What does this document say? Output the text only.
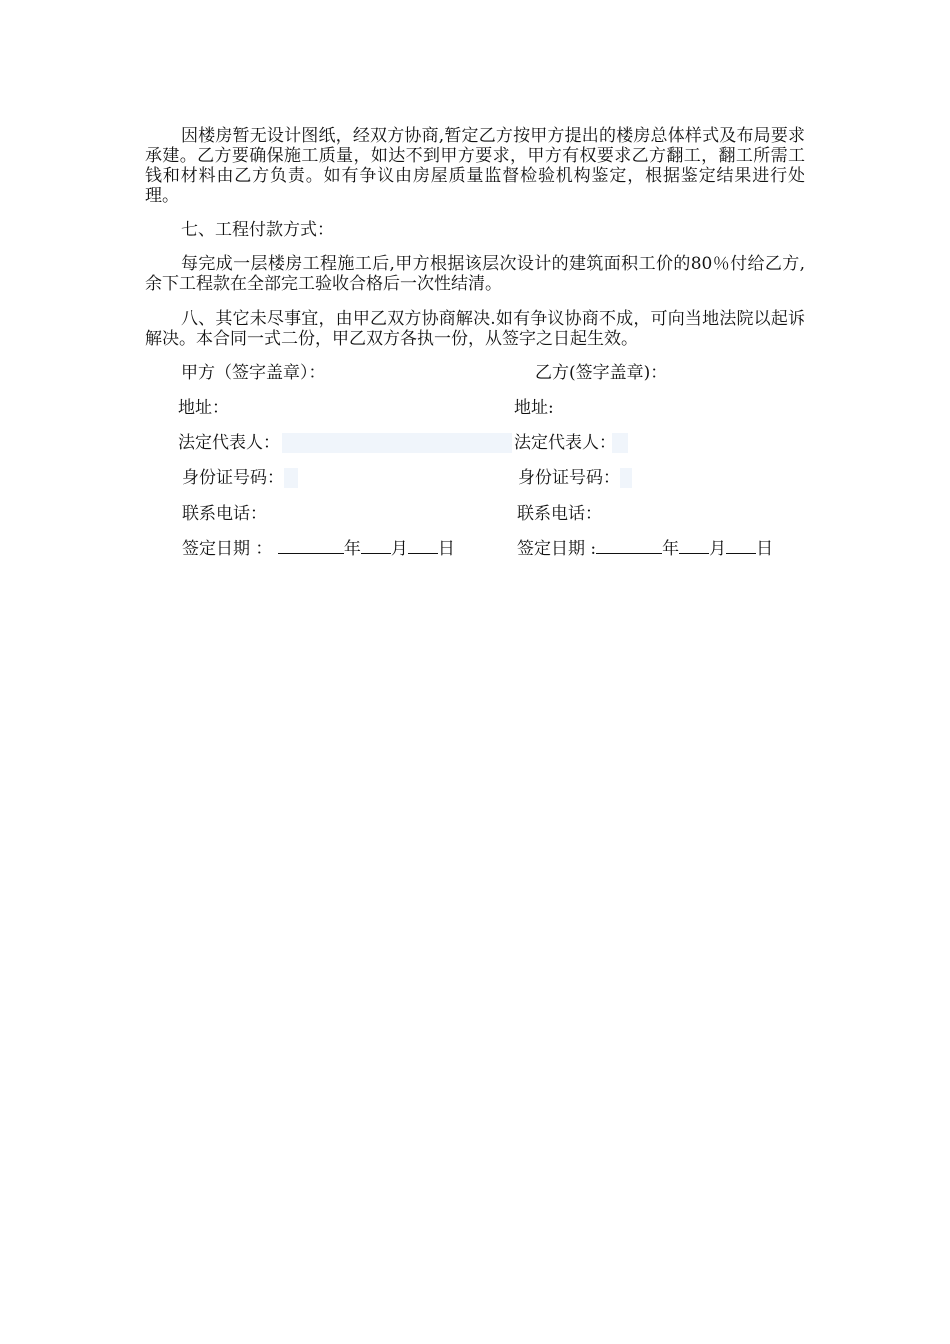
因楼房暂无设计图纸，经双方协商,暂定乙方按甲方提出的楼房总体样式及布局要求承建。乙方要确保施工质量，如达不到甲方要求，甲方有权要求乙方翻工，翻工所需工钱和材料由乙方负责。如有争议由房屋质量监督检验机构鉴定，根据鉴定结果进行处理。

七、工程付款方式：

每完成一层楼房工程施工后,甲方根据该层次设计的建筑面积工价的80％付给乙方,余下工程款在全部完工验收合格后一次性结清。

八、其它未尽事宜，由甲乙双方协商解决.如有争议协商不成，可向当地法院以起诉解决。本合同一式二份，甲乙双方各执一份，从签字之日起生效。

甲方（签字盖章）：

地址：

法定代表人：

身份证号码：

联系电话：

签定日期 ：	年 月 日

乙方(签字盖章)：

地址:

法定代表人：

身份证号码：

联系电话：

签定日期 :	年 月 日
